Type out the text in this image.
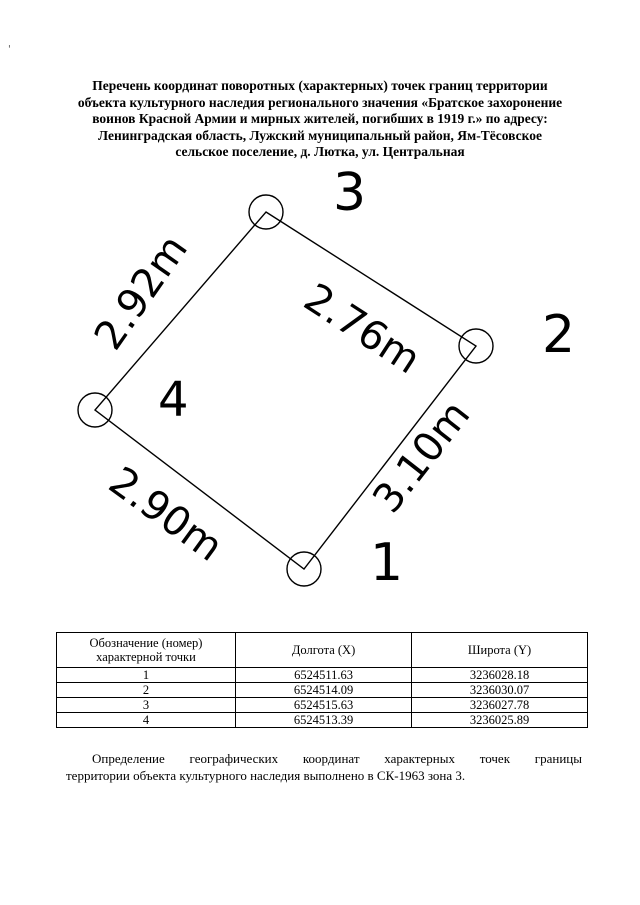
'
Перечень координат поворотных (характерных) точек границ территории
объекта культурного наследия регионального значения «Братское захоронение
воинов Красной Армии и мирных жителей, погибших в 1919 г.» по адресу:
Ленинградская область, Лужский муниципальный район, Ям-Тёсовское
сельское поселение, д. Лютка, ул. Центральная
3
2
1
4
2.92m 2.76m
3.10m
2.90m
Обозначение (номер) характерной точки	Долгота (X)	Широта (Y)
1	6524511.63	3236028.18
2	6524514.09	3236030.07
3	6524515.63	3236027.78
4	6524513.39	3236025.89
Определение географических координат характерных точек границы
территории объекта культурного наследия выполнено в СК-1963 зона 3.
